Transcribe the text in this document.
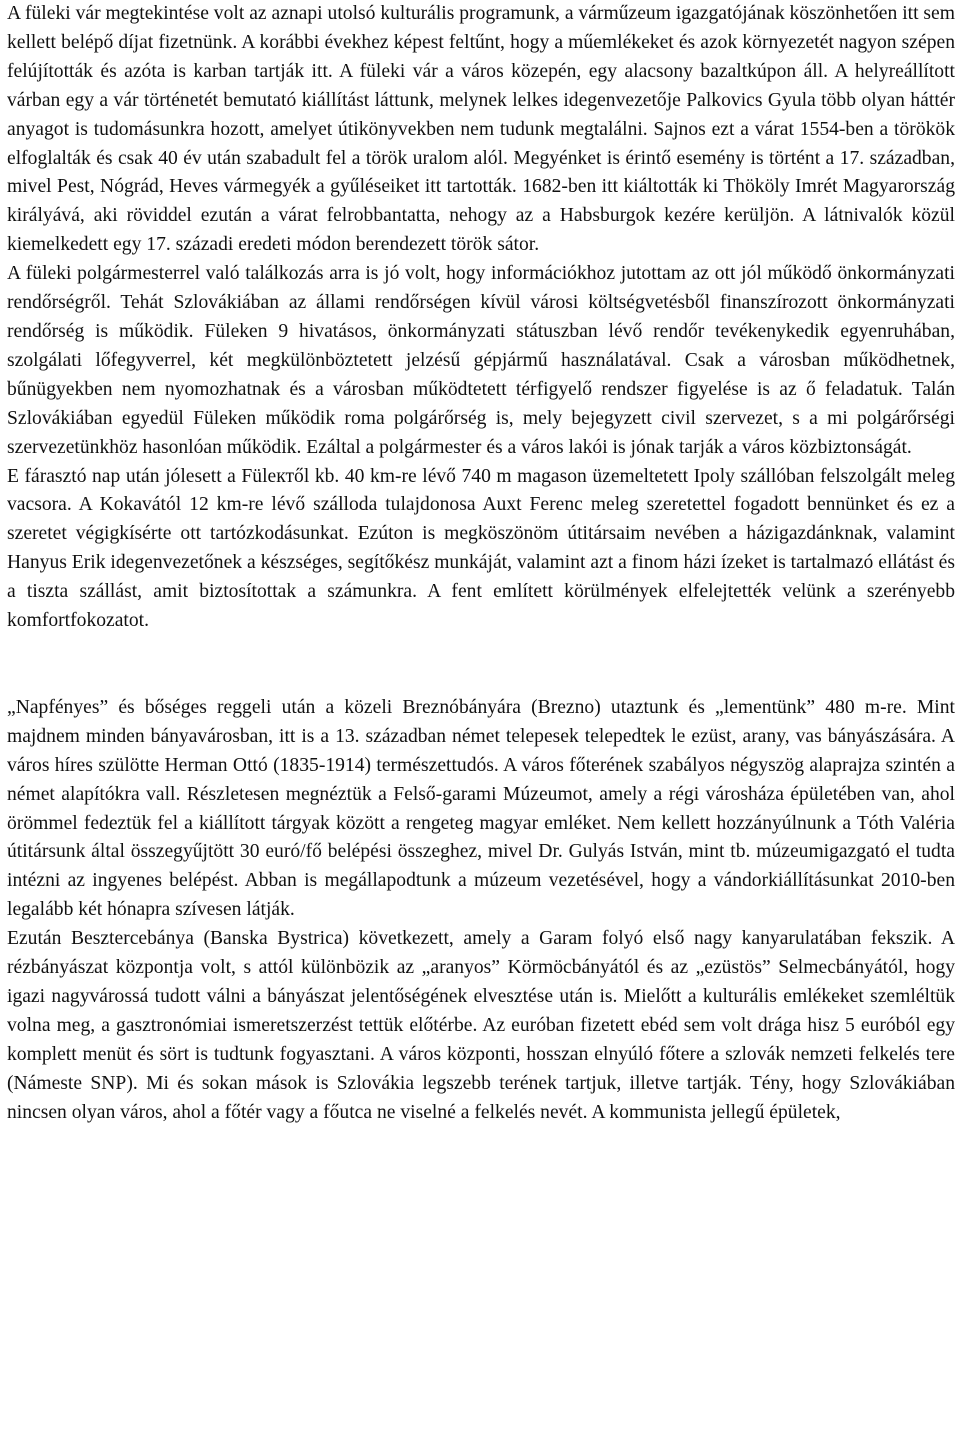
A füleki vár megtekintése volt az aznapi utolsó kulturális programunk, a várműzeum igazgatójának köszönhetően itt sem kellett belépő díjat fizetnünk. A korábbi évekhez képest feltűnt, hogy a műemlékeket és azok környezetét nagyon szépen felújították és azóta is karban tartják itt. A füleki vár a város közepén, egy alacsony bazaltkúpon áll. A helyreállított várban egy a vár történetét bemutató kiállítást láttunk, melynek lelkes idegenvezetője Palkovics Gyula több olyan háttér anyagot is tudomásunkra hozott, amelyet útikönyvekben nem tudunk megtalálni. Sajnos ezt a várat 1554-ben a törökök elfoglalták és csak 40 év után szabadult fel a török uralom alól. Megyénket is érintő esemény is történt a 17. században, mivel Pest, Nógrád, Heves vármegyék a gyűléseiket itt tartották. 1682-ben itt kiáltották ki Thököly Imrét Magyarország királyává, aki röviddel ezután a várat felrobbantatta, nehogy az a Habsburgok kezére kerüljön. A látnivalók közül kiemelkedett egy 17. századi eredeti módon berendezett török sátor.

A füleki polgármesterrel való találkozás arra is jó volt, hogy információkhoz jutottam az ott jól működő önkormányzati rendőrségről. Tehát Szlovákiában az állami rendőrségen kívül városi költségvetésből finanszírozott önkormányzati rendőrség is működik. Füleken 9 hivatásos, önkormányzati státuszban lévő rendőr tevékenykedik egyenruhában, szolgálati lőfegyverrel, két megkülönböztetett jelzésű gépjármű használatával. Csak a városban működhetnek, bűnügyekben nem nyomozhatnak és a városban működtetett térfigyelő rendszer figyelése is az ő feladatuk. Talán Szlovákiában egyedül Füleken működik roma polgárőrség is, mely bejegyzett civil szervezet, s a mi polgárőrségi szervezetünkhöz hasonlóan működik. Ezáltal a polgármester és a város lakói is jónak tarják a város közbiztonságát.

E fárasztó nap után jólesett a Füleктől kb. 40 km-re lévő 740 m magason üzemeltetett Ipoly szállóban felszolgált meleg vacsora. A Kokavától 12 km-re lévő szálloda tulajdonosa Auxt Ferenc meleg szeretettel fogadott bennünket és ez a szeretet végigkísérte ott tartózkodásunkat. Ezúton is megköszönöm útitársaim nevében a házigazdánknak, valamint Hanyus Erik idegenvezetőnek a készséges, segítőkész munkáját, valamint azt a finom házi ízeket is tartalmazó ellátást és a tiszta szállást, amit biztosítottak a számunkra. A fent említett körülmények elfelejtették velünk a szerényebb komfortfokozatot.

„Napfényes” és bőséges reggeli után a közeli Breznóbányára (Brezno) utaztunk és „lementünk” 480 m-re. Mint majdnem minden bányavárosban, itt is a 13. században német telepesek telepedtek le ezüst, arany, vas bányászására. A város híres szülötte Herman Ottó (1835-1914) természettudós. A város főterének szabályos négyszög alaprajza szintén a német alapítókra vall. Részletesen megnéztük a Felső-garami Múzeumot, amely a régi városháza épületében van, ahol örömmel fedeztük fel a kiállított tárgyak között a rengeteg magyar emléket. Nem kellett hozzányúlnunk a Tóth Valéria útitársunk által összegyűjtött 30 euró/fő belépési összeghez, mivel Dr. Gulyás István, mint tb. múzeumigazgató el tudta intézni az ingyenes belépést. Abban is megállapodtunk a múzeum vezetésével, hogy a vándorkiállításunkat 2010-ben legalább két hónapra szívesen látják.

Ezután Besztercebánya (Banska Bystrica) következett, amely a Garam folyó első nagy kanyarulatában fekszik. A rézbányászat központja volt, s attól különbözik az „aranyos” Körmöcbányától és az „ezüstös” Selmecbányától, hogy igazi nagyvárossá tudott válni a bányászat jelentőségének elvesztése után is. Mielőtt a kulturális emlékeket szemléltük volna meg, a gasztronómiai ismeretszerzést tettük előtérbe. Az euróban fizetett ebéd sem volt drága hisz 5 euróból egy komplett menüt és sört is tudtunk fogyasztani. A város központi, hosszan elnyúló főtere a szlovák nemzeti felkelés tere (Námeste SNP). Mi és sokan mások is Szlovákia legszebb terének tartjuk, illetve tartják. Tény, hogy Szlovákiában nincsen olyan város, ahol a főtér vagy a főutca ne viselné a felkelés nevét. A kommunista jellegű épületek,
